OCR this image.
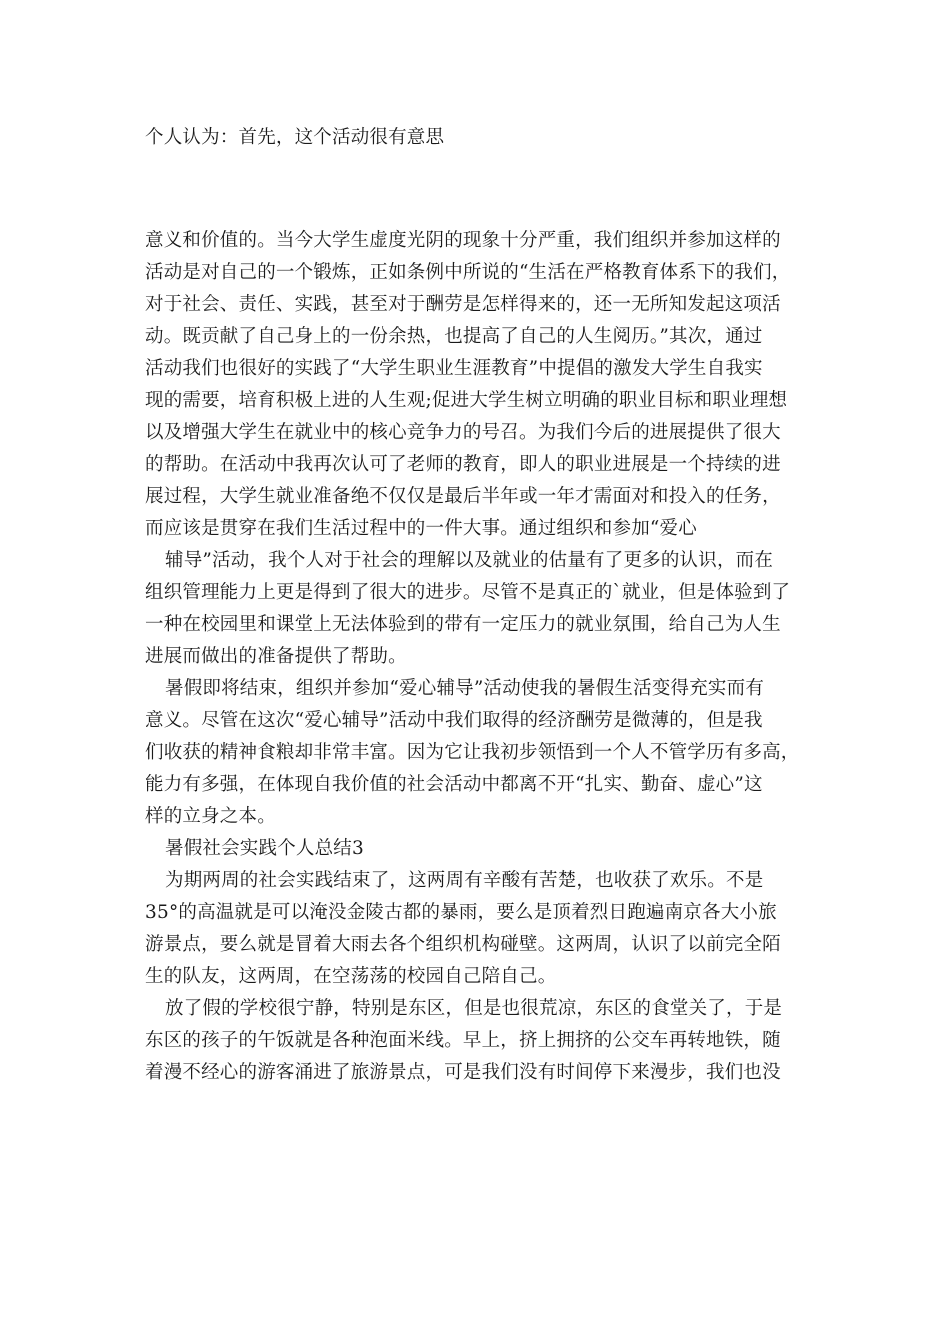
个人认为：首先，这个活动很有意思
意义和价值的。当今大学生虚度光阴的现象十分严重，我们组织并参加这样的
活动是对自己的一个锻炼，正如条例中所说的“生活在严格教育体系下的我们，
对于社会、责任、实践，甚至对于酬劳是怎样得来的，还一无所知发起这项活
动。既贡献了自己身上的一份余热，也提高了自己的人生阅历。”其次，通过
活动我们也很好的实践了“大学生职业生涯教育”中提倡的激发大学生自我实
现的需要，培育积极上进的人生观;促进大学生树立明确的职业目标和职业理想
以及增强大学生在就业中的核心竞争力的号召。为我们今后的进展提供了很大
的帮助。在活动中我再次认可了老师的教育，即人的职业进展是一个持续的进
展过程，大学生就业准备绝不仅仅是最后半年或一年才需面对和投入的任务，
而应该是贯穿在我们生活过程中的一件大事。通过组织和参加“爱心
辅导”活动，我个人对于社会的理解以及就业的估量有了更多的认识，而在
组织管理能力上更是得到了很大的进步。尽管不是真正的`就业，但是体验到了
一种在校园里和课堂上无法体验到的带有一定压力的就业氛围，给自己为人生
进展而做出的准备提供了帮助。
暑假即将结束，组织并参加“爱心辅导”活动使我的暑假生活变得充实而有
意义。尽管在这次“爱心辅导”活动中我们取得的经济酬劳是微薄的，但是我
们收获的精神食粮却非常丰富。因为它让我初步领悟到一个人不管学历有多高，
能力有多强，在体现自我价值的社会活动中都离不开“扎实、勤奋、虚心”这
样的立身之本。
暑假社会实践个人总结3
为期两周的社会实践结束了，这两周有辛酸有苦楚，也收获了欢乐。不是
35°的高温就是可以淹没金陵古都的暴雨，要么是顶着烈日跑遍南京各大小旅
游景点，要么就是冒着大雨去各个组织机构碰壁。这两周，认识了以前完全陌
生的队友，这两周，在空荡荡的校园自己陪自己。
放了假的学校很宁静，特别是东区，但是也很荒凉，东区的食堂关了，于是
东区的孩子的午饭就是各种泡面米线。早上，挤上拥挤的公交车再转地铁，随
着漫不经心的游客涌进了旅游景点，可是我们没有时间停下来漫步，我们也没
